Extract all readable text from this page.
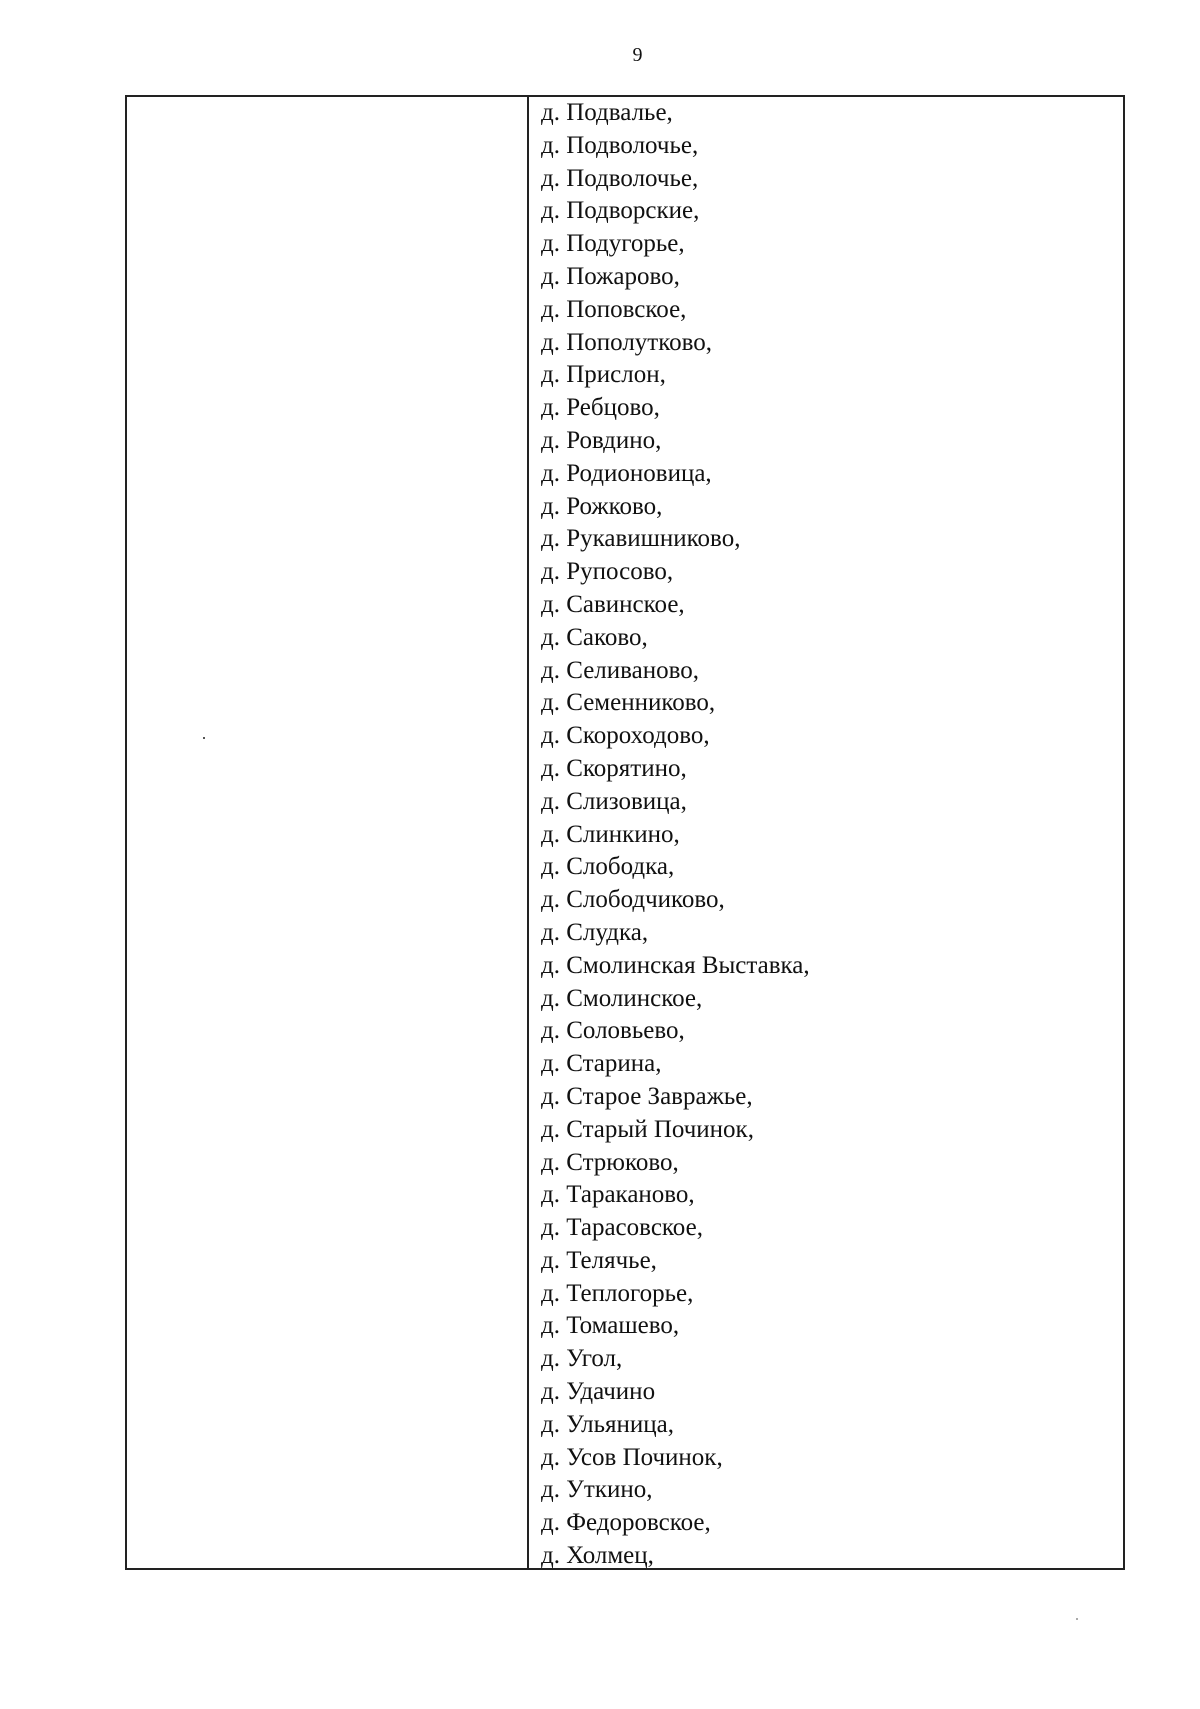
9
д. Подвалье,
д. Подволочье,
д. Подволочье,
д. Подворские,
д. Подугорье,
д. Пожарово,
д. Поповское,
д. Пополутково,
д. Прислон,
д. Ребцово,
д. Ровдино,
д. Родионовица,
д. Рожково,
д. Рукавишниково,
д. Рупосово,
д. Савинское,
д. Саково,
д. Селиваново,
д. Семенниково,
д. Скороходово,
д. Скорятино,
д. Слизовица,
д. Слинкино,
д. Слободка,
д. Слободчиково,
д. Слудка,
д. Смолинская Выставка,
д. Смолинское,
д. Соловьево,
д. Старина,
д. Старое Завражье,
д. Старый Починок,
д. Стрюково,
д. Тараканово,
д. Тарасовское,
д. Телячье,
д. Теплогорье,
д. Томашево,
д. Угол,
д. Удачино
д. Ульяница,
д. Усов Починок,
д. Уткино,
д. Федоровское,
д. Холмец,
